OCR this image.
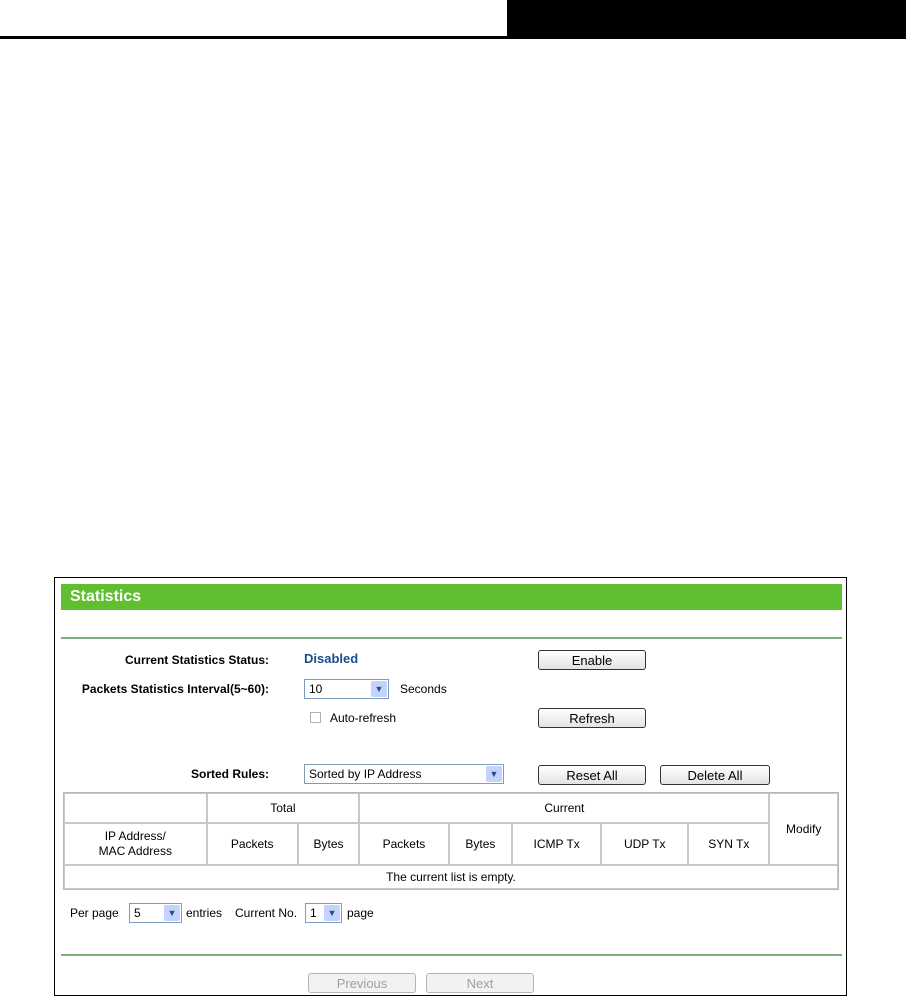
Statistics
Current Statistics Status:	Disabled	Enable
Packets Statistics Interval(5~60):	10	▼ Seconds
Auto-refresh	Refresh
Sorted Rules:	Sorted by IP Address	▼	Reset All	Delete All
	Total		Current					Modify
IP Address/
MAC Address	Packets	Bytes	Packets	Bytes	ICMP Tx	UDP Tx	SYN Tx	
The current list is empty.								
Per page	5	▼ entries Current No.	1	▼ page
Previous	Next
